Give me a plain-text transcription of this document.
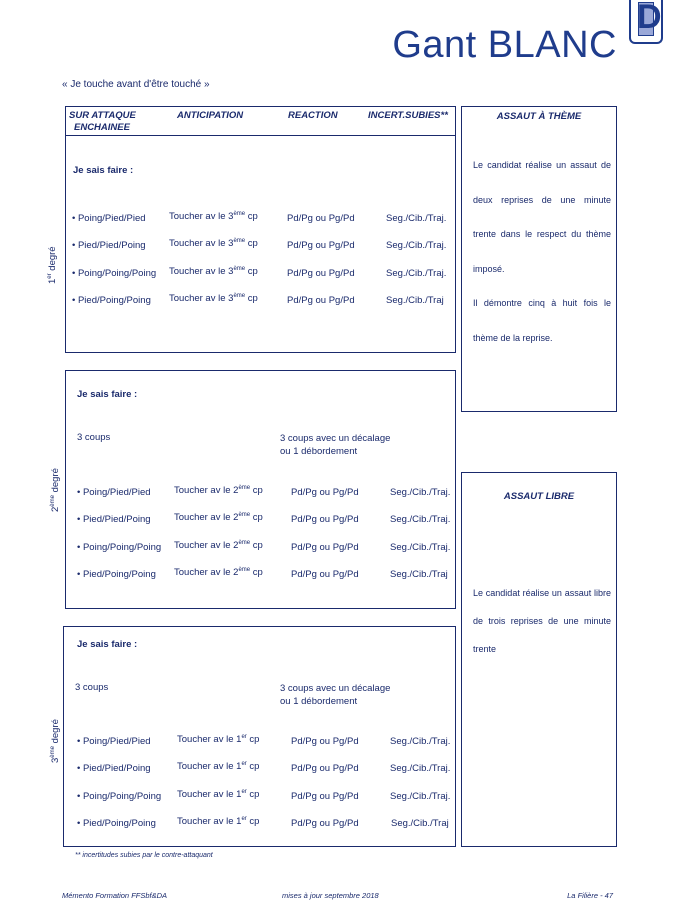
D
Gant BLANC
« Je touche avant d'être touché »
SUR ATTAQUE
ENCHAINEE
ANTICIPATION	REACTION	INCERT.SUBIES**
1er degré
Je sais faire :
• Poing/Pied/Pied Toucher av le 3ème cp	Pd/Pg ou Pg/Pd	Seg./Cib./Traj.
• Pied/Pied/Poing Toucher av le 3ème cp	Pd/Pg ou Pg/Pd	Seg./Cib./Traj.
• Poing/Poing/Poing Toucher av le 3ème cp	Pd/Pg ou Pg/Pd	Seg./Cib./Traj.
• Pied/Poing/Poing Toucher av le 3ème cp	Pd/Pg ou Pg/Pd	Seg./Cib./Traj
ASSAUT À THÈME
Le candidat réalise un assaut de deux reprises de une minute trente dans le respect du thème imposé.
Il démontre cinq à huit fois le thème de la reprise.
2ème degré
Je sais faire :
3 coups	3 coups avec un décalage
ou 1 débordement
• Poing/Pied/Pied Toucher av le 2ème cp	Pd/Pg ou Pg/Pd	Seg./Cib./Traj.
• Pied/Pied/Poing Toucher av le 2ème cp	Pd/Pg ou Pg/Pd	Seg./Cib./Traj.
• Poing/Poing/Poing Toucher av le 2ème cp	Pd/Pg ou Pg/Pd	Seg./Cib./Traj.
• Pied/Poing/Poing Toucher av le 2ème cp	Pd/Pg ou Pg/Pd	Seg./Cib./Traj
ASSAUT LIBRE
Le candidat réalise un assaut libre de trois reprises de une minute trente
3ème degré
Je sais faire :
3 coups	3 coups avec un décalage
ou 1 débordement
• Poing/Pied/Pied	Toucher av le 1er cp	Pd/Pg ou Pg/Pd	Seg./Cib./Traj.
• Pied/Pied/Poing	Toucher av le 1er cp	Pd/Pg ou Pg/Pd	Seg./Cib./Traj.
• Poing/Poing/Poing Toucher av le 1er cp	Pd/Pg ou Pg/Pd	Seg./Cib./Traj.
• Pied/Poing/Poing Toucher av le 1er cp	Pd/Pg ou Pg/Pd	Seg./Cib./Traj
** incertitudes subies par le contre-attaquant
Mémento Formation FFSbf&DA	mises à jour septembre 2018	La Filière - 47
